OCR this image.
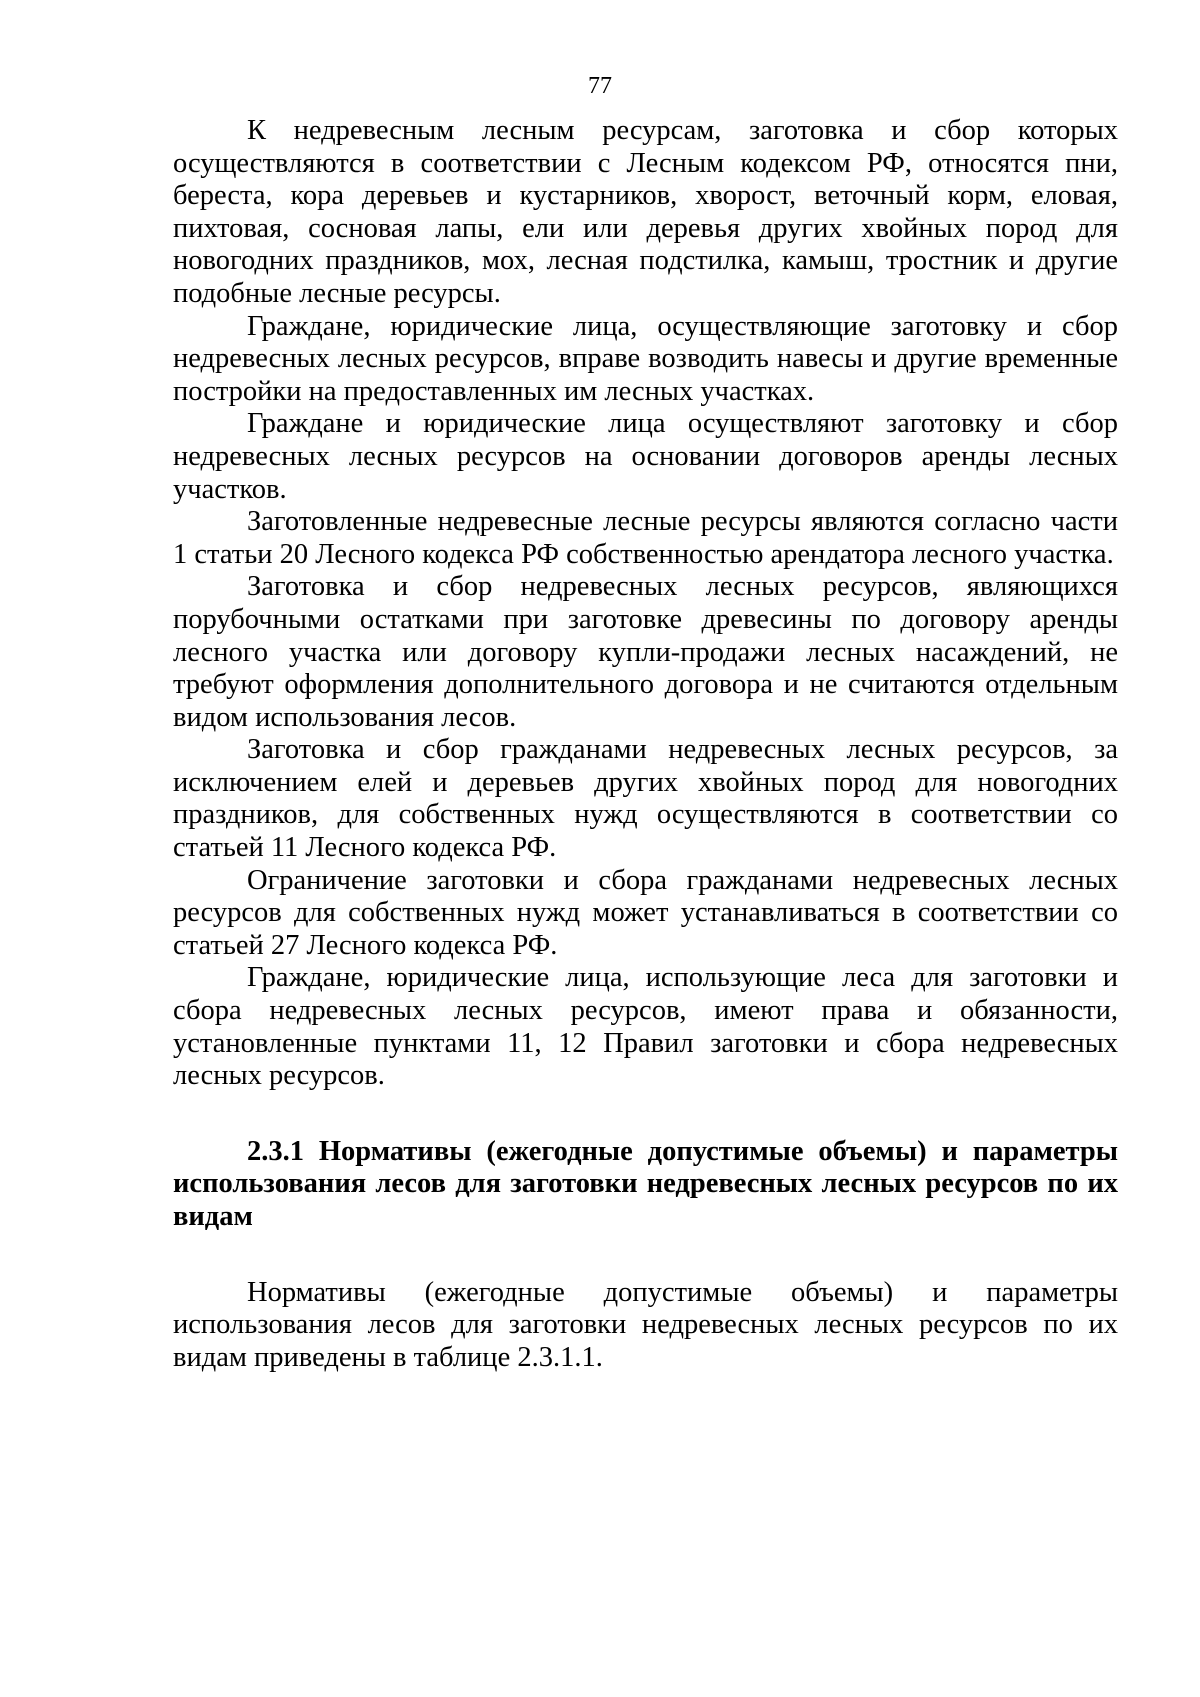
77

К недревесным лесным ресурсам, заготовка и сбор которых осуществляются в соответствии с Лесным кодексом РФ, относятся пни, береста, кора деревьев и кустарников, хворост, веточный корм, еловая, пихтовая, сосновая лапы, ели или деревья других хвойных пород для новогодних праздников, мох, лесная подстилка, камыш, тростник и другие подобные лесные ресурсы.

Граждане, юридические лица, осуществляющие заготовку и сбор недревесных лесных ресурсов, вправе возводить навесы и другие временные постройки на предоставленных им лесных участках.

Граждане и юридические лица осуществляют заготовку и сбор недревесных лесных ресурсов на основании договоров аренды лесных участков.

Заготовленные недревесные лесные ресурсы являются согласно части 1 статьи 20 Лесного кодекса РФ собственностью арендатора лесного участка.

Заготовка и сбор недревесных лесных ресурсов, являющихся порубочными остатками при заготовке древесины по договору аренды лесного участка или договору купли-продажи лесных насаждений, не требуют оформления дополнительного договора и не считаются отдельным видом использования лесов.

Заготовка и сбор гражданами недревесных лесных ресурсов, за исключением елей и деревьев других хвойных пород для новогодних праздников, для собственных нужд осуществляются в соответствии со статьей 11 Лесного кодекса РФ.

Ограничение заготовки и сбора гражданами недревесных лесных ресурсов для собственных нужд может устанавливаться в соответствии со статьей 27 Лесного кодекса РФ.

Граждане, юридические лица, использующие леса для заготовки и сбора недревесных лесных ресурсов, имеют права и обязанности, установленные пунктами 11, 12 Правил заготовки и сбора недревесных лесных ресурсов.

2.3.1 Нормативы (ежегодные допустимые объемы) и параметры использования лесов для заготовки недревесных лесных ресурсов по их видам

Нормативы (ежегодные допустимые объемы) и параметры использования лесов для заготовки недревесных лесных ресурсов по их видам приведены в таблице 2.3.1.1.
